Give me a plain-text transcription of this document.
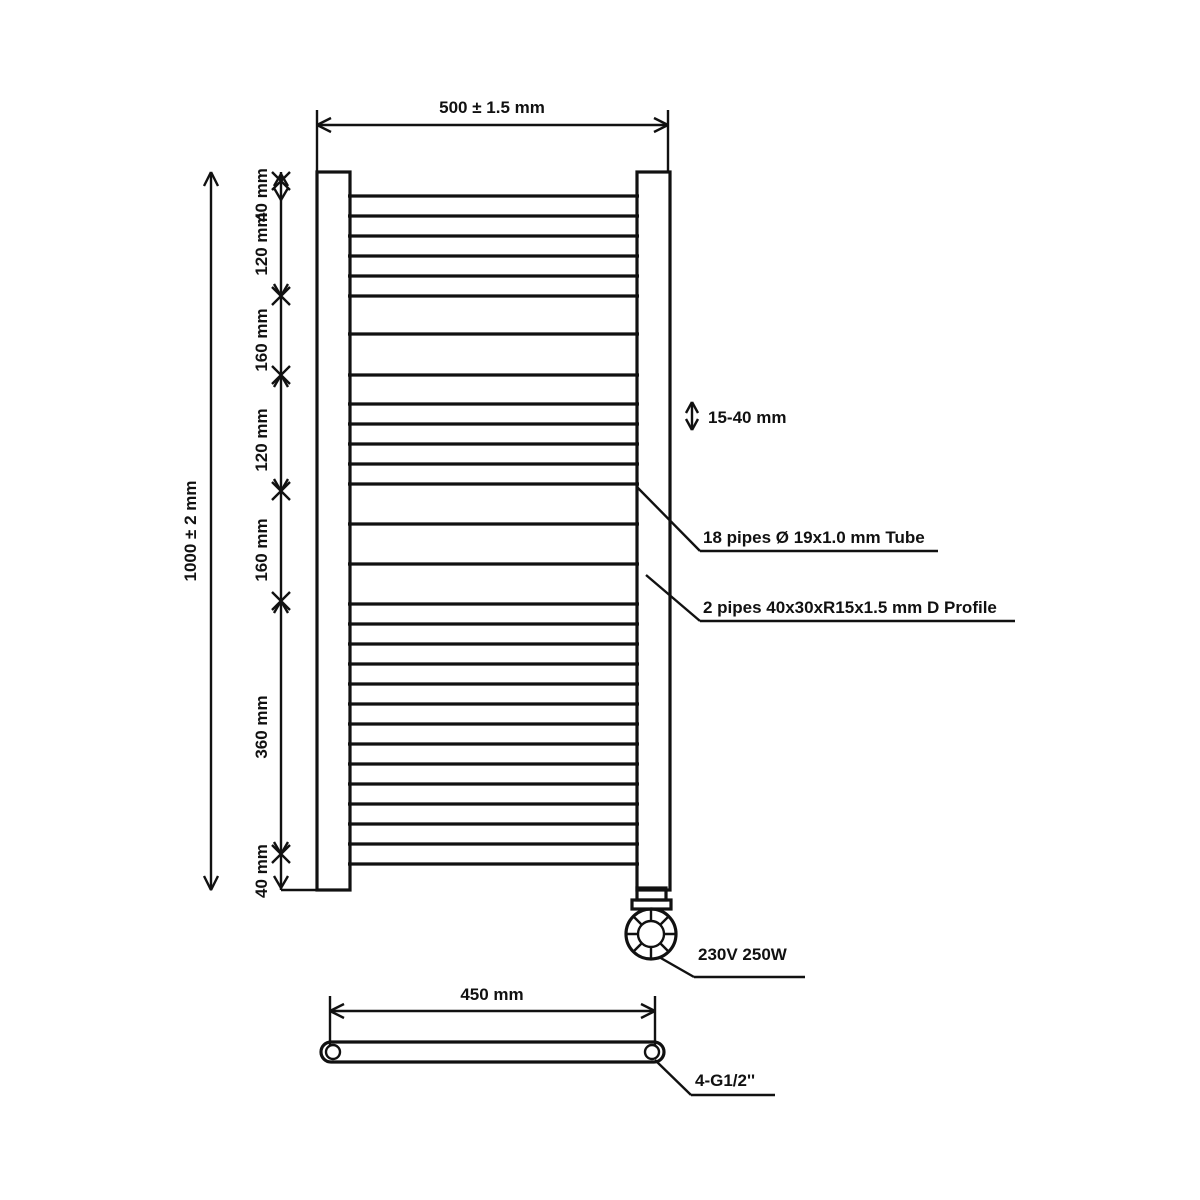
1000 ± 2 mm
40 mm
120 mm
160 mm
120 mm
160 mm
360 mm
40 mm
15-40 mm
18 pipes Ø 19x1.0 mm Tube
2 pipes 40x30xR15x1.5 mm D Profile
230V 250W
450 mm
4-G1/2''
500 ± 1.5 mm
